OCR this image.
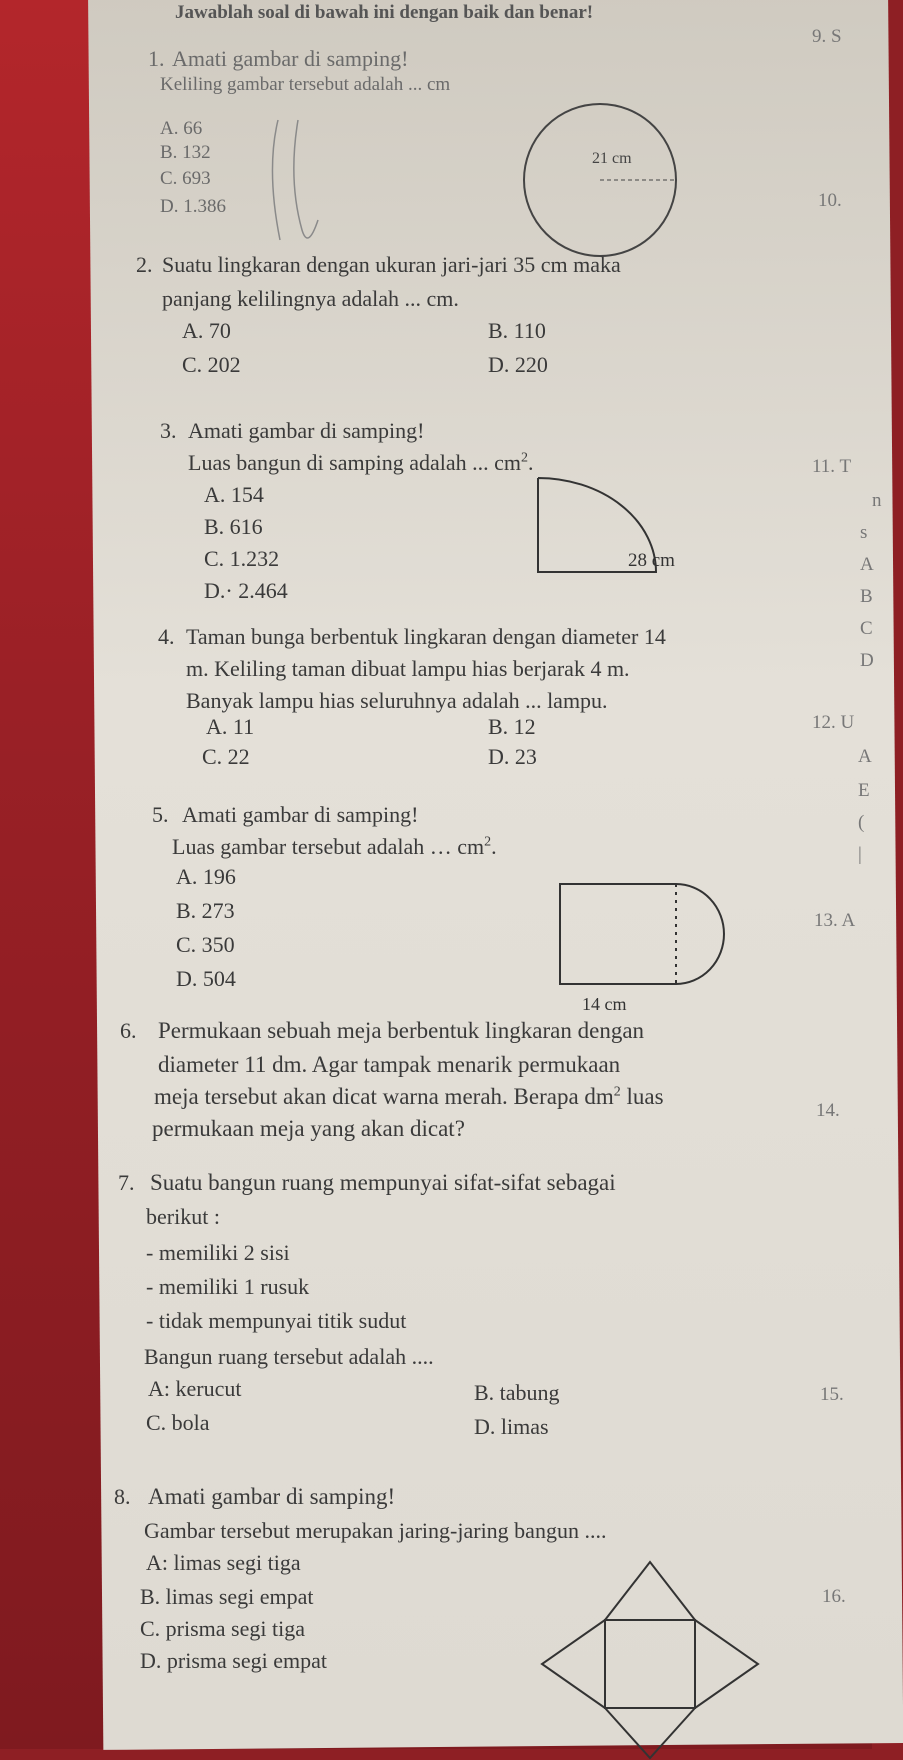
Jawablah soal di bawah ini dengan baik dan benar!
9. S
10.
11. T
n
s
A
B
C
D
12. U
A
E
(
|
13. A
14.
15.
16.
1. Amati gambar di samping!
Keliling gambar tersebut adalah ... cm
A. 66
B. 132
C. 693
D. 1.386
21 cm
2. Suatu lingkaran dengan ukuran jari-jari 35 cm maka
panjang kelilingnya adalah ... cm.
A. 70	B. 110
C. 202	D. 220
3. Amati gambar di samping!
Luas bangun di samping adalah ... $cm^2$.
A. 154
B. 616
C. 1.232
D.· 2.464
28 cm
4. Taman bunga berbentuk lingkaran dengan diameter 14
m. Keliling taman dibuat lampu hias berjarak 4 m.
Banyak lampu hias seluruhnya adalah ... lampu.
A. 11	B. 12
C. 22	D. 23
5. Amati gambar di samping!
Luas gambar tersebut adalah … $cm^2$.
A. 196
B. 273
C. 350
D. 504
14 cm
6. Permukaan sebuah meja berbentuk lingkaran dengan
diameter 11 dm. Agar tampak menarik permukaan
meja tersebut akan dicat warna merah. Berapa $dm^2$ luas
permukaan meja yang akan dicat?
7. Suatu bangun ruang mempunyai sifat-sifat sebagai
berikut :
- memiliki 2 sisi
- memiliki 1 rusuk
- tidak mempunyai titik sudut
Bangun ruang tersebut adalah ....
A: kerucut	B. tabung
C. bola	D. limas
8. Amati gambar di samping!
Gambar tersebut merupakan jaring-jaring bangun ....
A: limas segi tiga
B. limas segi empat
C. prisma segi tiga
D. prisma segi empat
